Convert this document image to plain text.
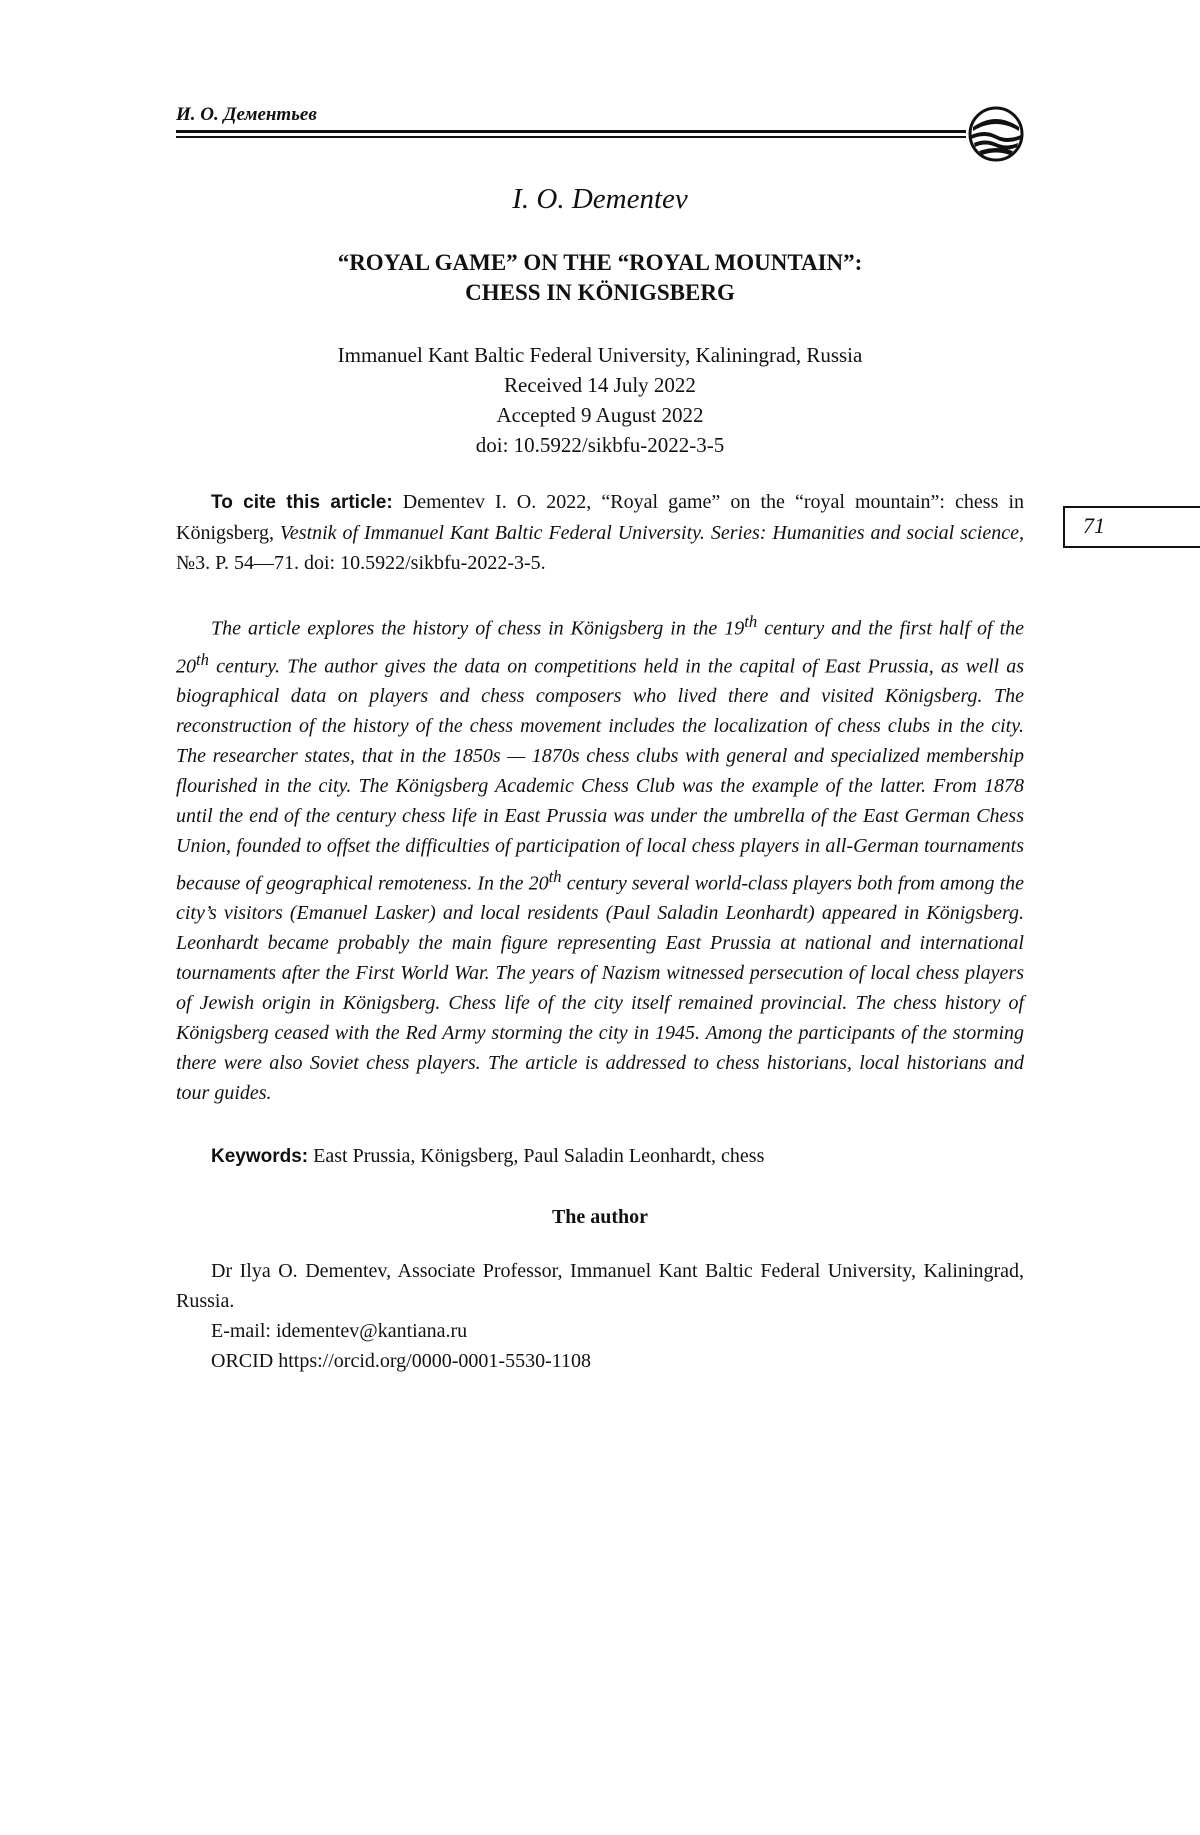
И. О. Дементьев
71
I. O. Dementev
“ROYAL GAME” ON THE “ROYAL MOUNTAIN”:
CHESS IN KÖNIGSBERG
Immanuel Kant Baltic Federal University, Kaliningrad, Russia
Received 14 July 2022
Accepted 9 August 2022
doi: 10.5922/sikbfu-2022-3-5

To cite this article: Dementev I. O. 2022, “Royal game” on the “royal mountain”: chess in Königsberg, Vestnik of Immanuel Kant Baltic Federal University. Series: Humanities and social science, №3. P. 54—71. doi: 10.5922/sikbfu-2022-3-5.

The article explores the history of chess in Königsberg in the 19th century and the first half of the 20th century. The author gives the data on competitions held in the capital of East Prussia, as well as biographical data on players and chess composers who lived there and visited Königsberg. The reconstruction of the history of the chess movement includes the localization of chess clubs in the city. The researcher states, that in the 1850s — 1870s chess clubs with general and specialized membership flourished in the city. The Königsberg Academic Chess Club was the example of the latter. From 1878 until the end of the century chess life in East Prussia was under the umbrella of the East German Chess Union, founded to offset the difficulties of participation of local chess players in all-German tournaments because of geographical remoteness. In the 20th century several world-class players both from among the city’s visitors (Emanuel Lasker) and local residents (Paul Saladin Leonhardt) appeared in Königsberg. Leonhardt became probably the main figure representing East Prussia at national and international tournaments after the First World War. The years of Nazism witnessed persecution of local chess players of Jewish origin in Königsberg. Chess life of the city itself remained provincial. The chess history of Königsberg ceased with the Red Army storming the city in 1945. Among the participants of the storming there were also Soviet chess players. The article is addressed to chess historians, local historians and tour guides.

Keywords: East Prussia, Königsberg, Paul Saladin Leonhardt, chess

The author
Dr Ilya O. Dementev, Associate Professor, Immanuel Kant Baltic Federal University, Kaliningrad, Russia.
E-mail: idementev@kantiana.ru
ORCID https://orcid.org/0000-0001-5530-1108
